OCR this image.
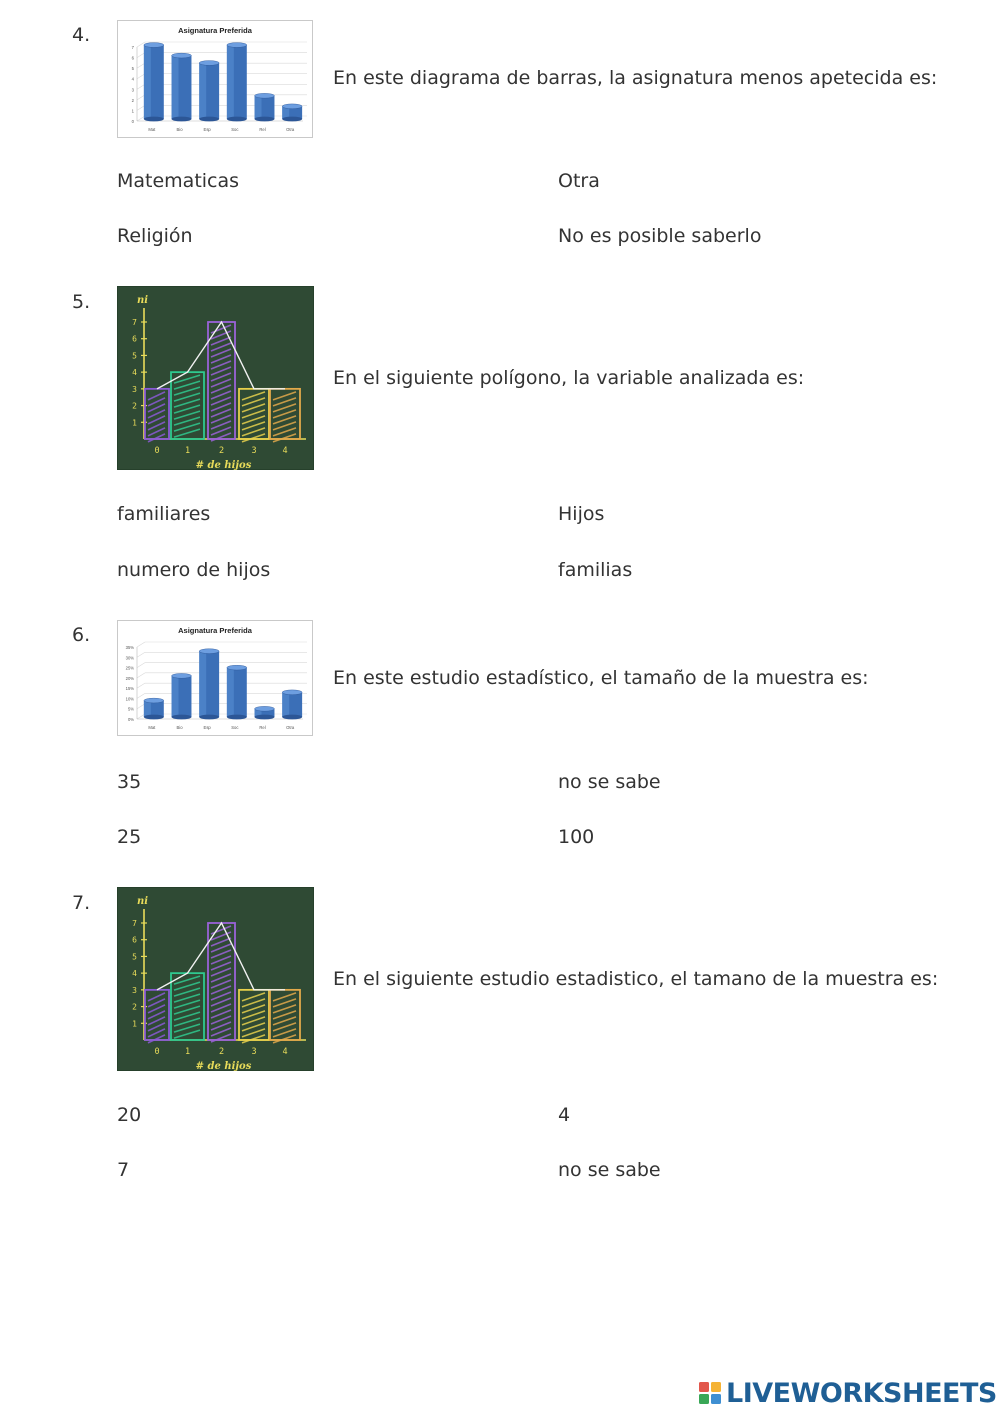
4.	Asignatura Preferida
0
1
2
3
4
5
6
7
Mat	Bio	Esp	Soc	Rel	Otra
En este diagrama de barras, la asignatura menos apetecida es:
Matematicas	Otra
Religión	No es posible saberlo
5.	ni
1
2
3
4
5
6
7
0	1	2	3	4
# de hijos
En el siguiente polígono, la variable analizada es:
familiares	Hijos
numero de hijos	familias
6.	Asignatura Preferida
0%
5%
10%
15%
20%
25%
30%
35%
Mat	Bio	Esp	Soc	Rel	Otra
En este estudio estadístico, el tamaño de la muestra es:
35	no se sabe
25	100
7.	ni
1
2
3
4
5
6
7
0	1	2	3	4
# de hijos
En el siguiente estudio estadistico, el tamano de la muestra es:
20	4
7	no se sabe
LIVEWORKSHEETS
